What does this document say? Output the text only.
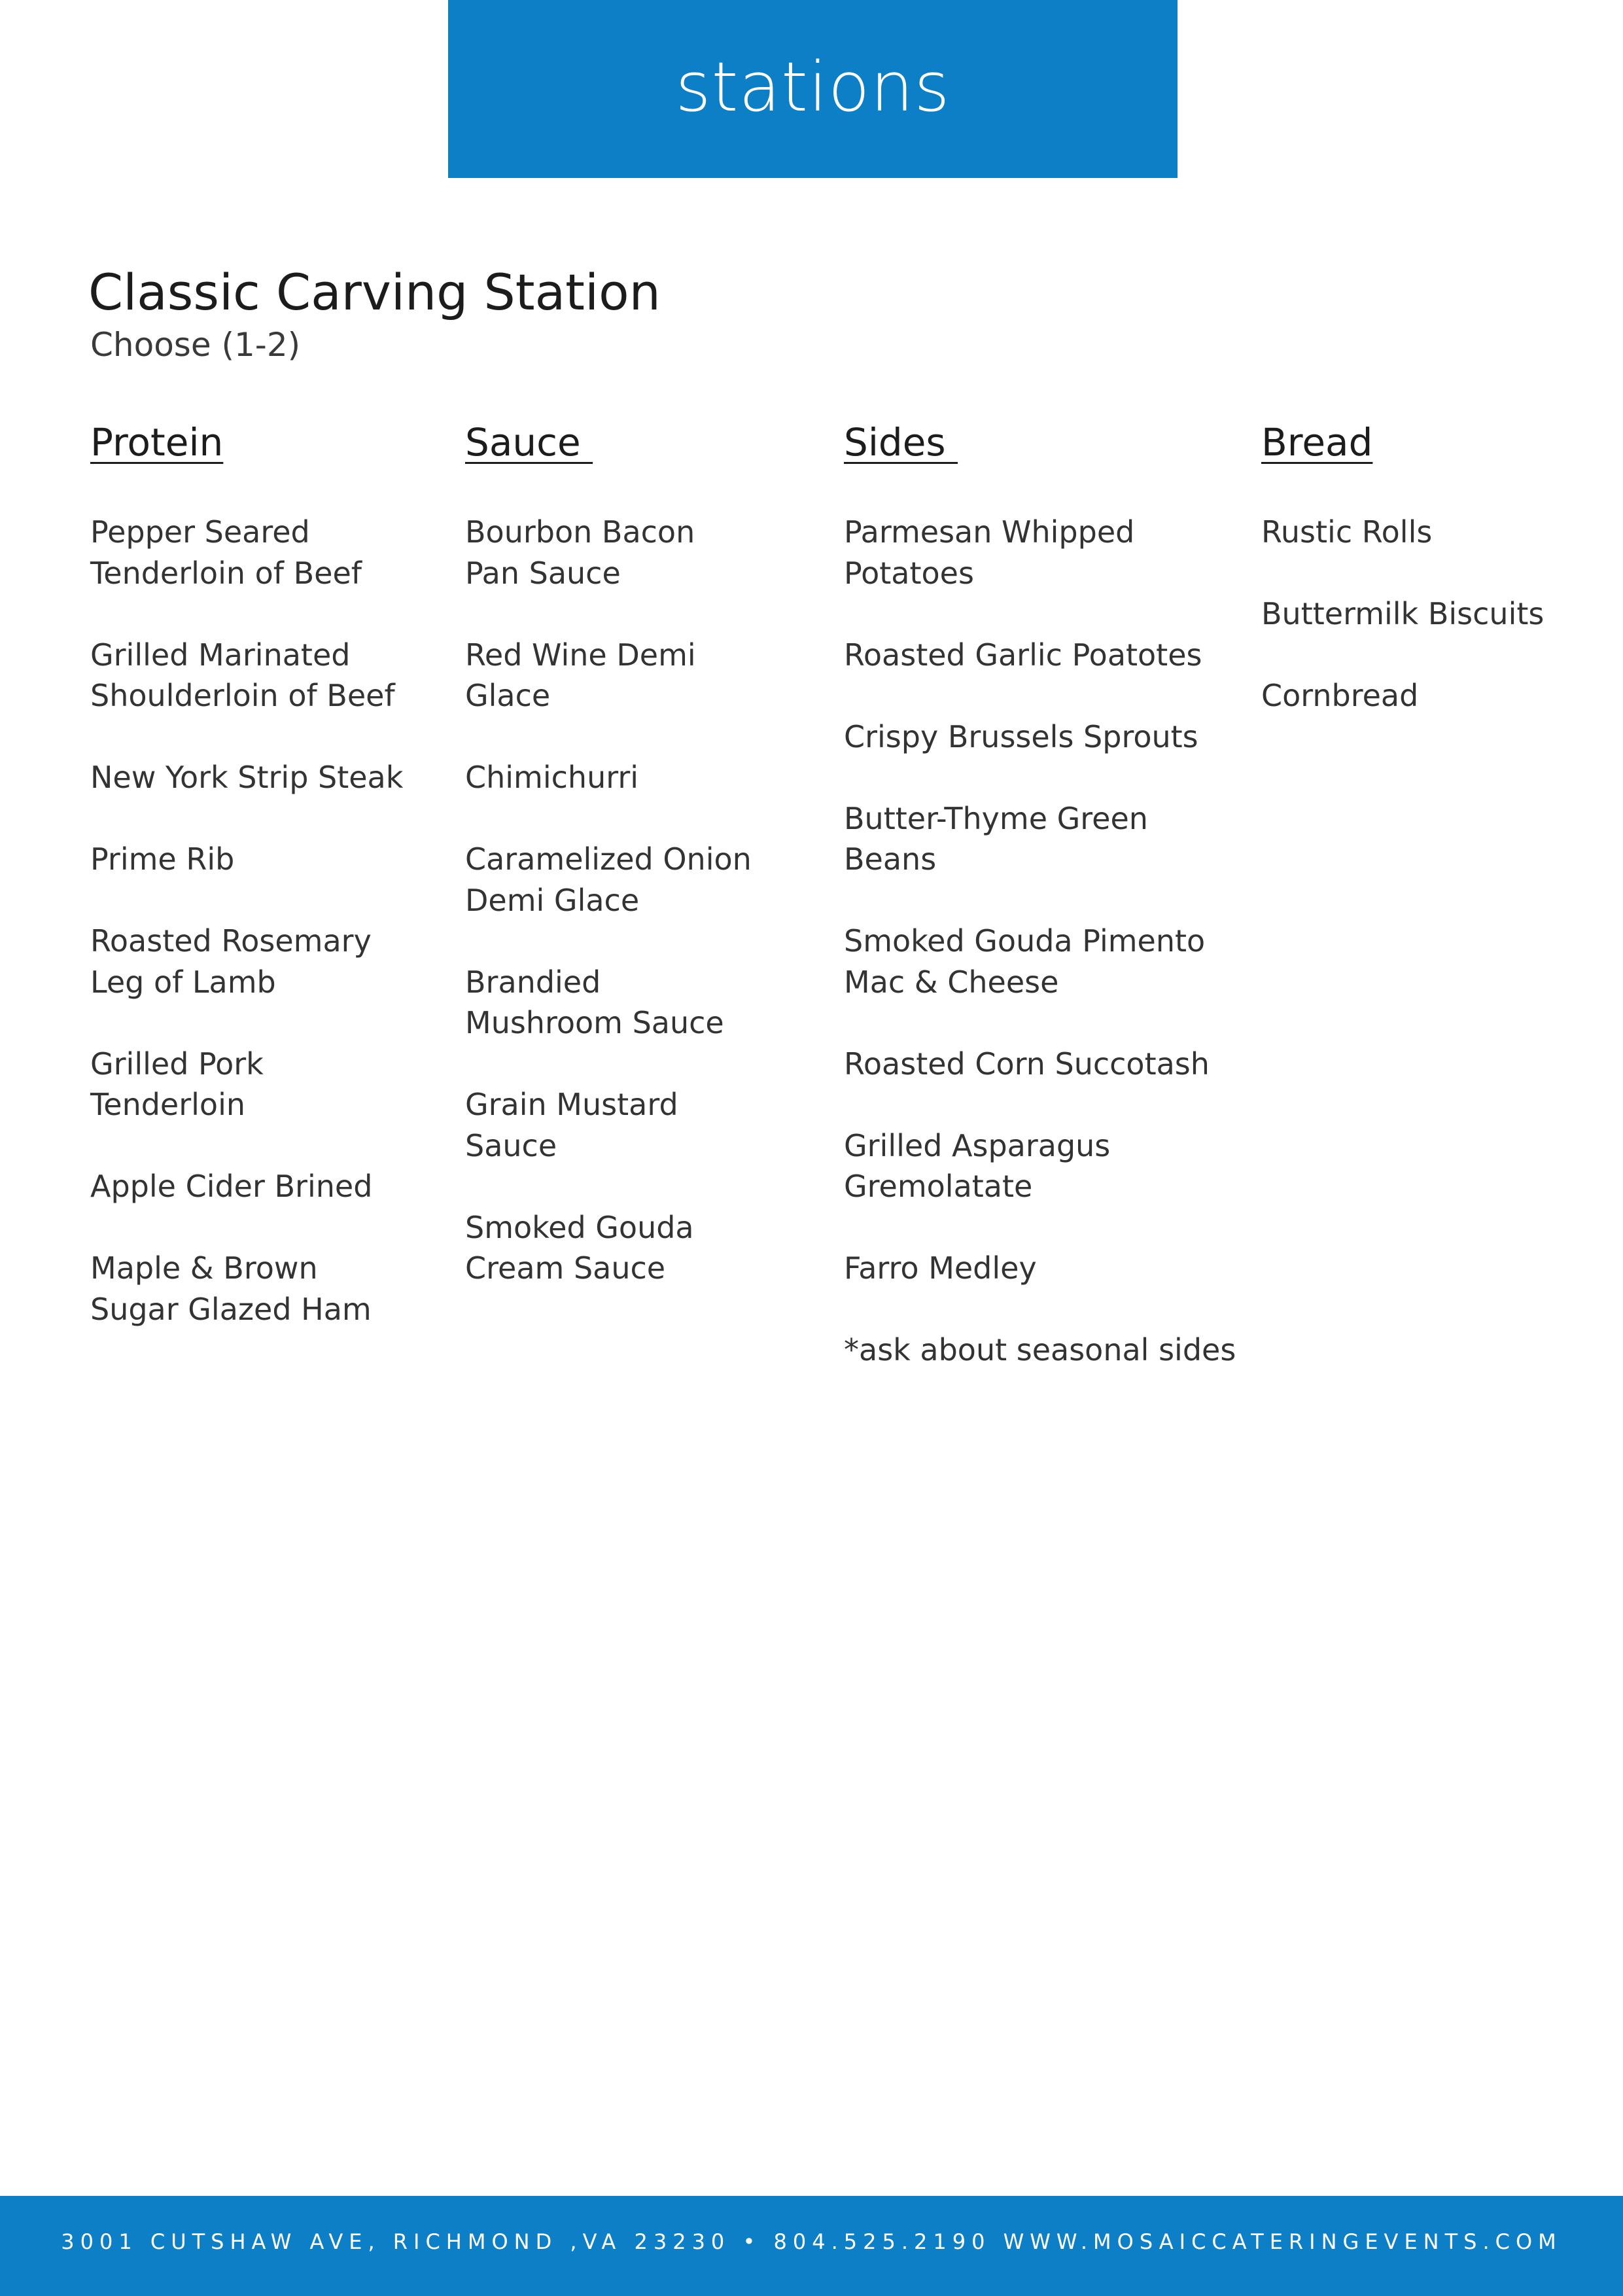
stations
Classic Carving Station
Choose (1-2)
Protein
Pepper Seared
Tenderloin of Beef
Grilled Marinated
Shoulderloin of Beef
New York Strip Steak
Prime Rib
Roasted Rosemary
Leg of Lamb
Grilled Pork
Tenderloin
Apple Cider Brined
Maple & Brown
Sugar Glazed Ham
Sauce
Bourbon Bacon
Pan Sauce
Red Wine Demi
Glace
Chimichurri
Caramelized Onion
Demi Glace
Brandied
Mushroom Sauce
Grain Mustard
Sauce
Smoked Gouda
Cream Sauce
Sides
Parmesan Whipped
Potatoes
Roasted Garlic Poatotes
Crispy Brussels Sprouts
Butter-Thyme Green
Beans
Smoked Gouda Pimento
Mac & Cheese
Roasted Corn Succotash
Grilled Asparagus
Gremolatate
Farro Medley
*ask about seasonal sides
Bread
Rustic Rolls
Buttermilk Biscuits
Cornbread
3001 CUTSHAW AVE, RICHMOND ,VA 23230 • 804.525.2190 WWW.MOSAICCATERINGEVENTS.COM
